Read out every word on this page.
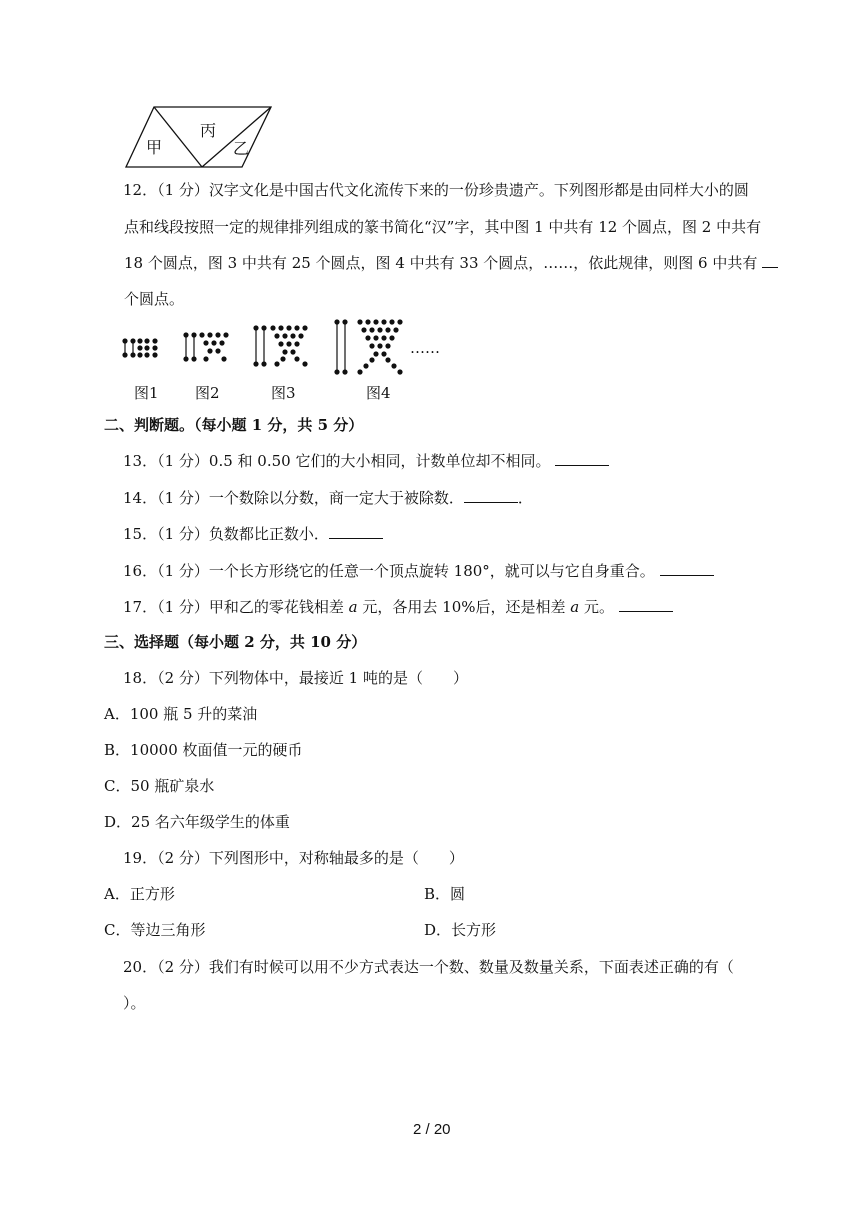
甲
丙
乙
12．（1 分）汉字文化是中国古代文化流传下来的一份珍贵遗产。下列图形都是由同样大小的圆
点和线段按照一定的规律排列组成的篆书简化“汉”字，其中图 1 中共有 12 个圆点，图 2 中共有
18 个圆点，图 3 中共有 25 个圆点，图 4 中共有 33 个圆点，……，依此规律，则图 6 中共有
个圆点。
……
图1 图2	图3	图4
二、判断题。（每小题 1 分，共 5 分）
13．（1 分）0.5 和 0.50 它们的大小相同，计数单位却不相同。
14．（1 分）一个数除以分数，商一定大于被除数．	．
15．（1 分）负数都比正数小．
16．（1 分）一个长方形绕它的任意一个顶点旋转 180°，就可以与它自身重合。
17．（1 分）甲和乙的零花钱相差 a 元，各用去 10%后，还是相差 a 元。
三、选择题（每小题 2 分，共 10 分）
18．（2 分）下列物体中，最接近 1 吨的是（　　）
A．100 瓶 5 升的菜油
B．10000 枚面值一元的硬币
C．50 瓶矿泉水
D．25 名六年级学生的体重
19．（2 分）下列图形中，对称轴最多的是（　　）
A．正方形	B．圆
C．等边三角形	D．长方形
20．（2 分）我们有时候可以用不少方式表达一个数、数量及数量关系，下面表述正确的有（
）。
2 / 20
